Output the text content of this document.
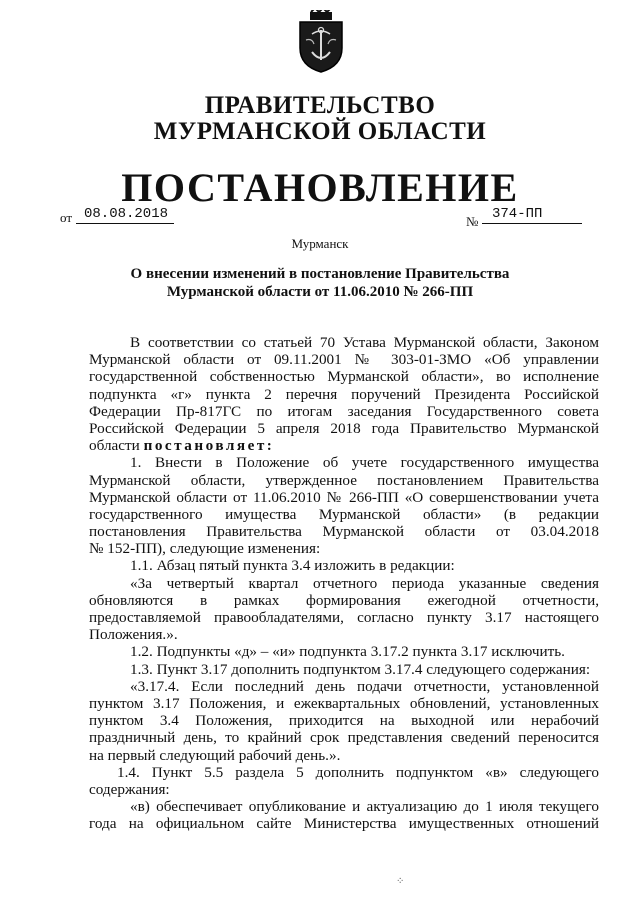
ПРАВИТЕЛЬСТВО
МУРМАНСКОЙ ОБЛАСТИ
ПОСТАНОВЛЕНИЕ
от 08.08.2018	№ 374-ПП
Мурманск
О внесении изменений в постановление Правительства
Мурманской области от 11.06.2010 № 266-ПП
В соответствии со статьей 70 Устава Мурманской области, Законом
Мурманской области от 09.11.2001 № 303-01-ЗМО «Об управлении
государственной собственностью Мурманской области», во исполнение
подпункта «г» пункта 2 перечня поручений Президента Российской
Федерации Пр-817ГС по итогам заседания Государственного совета
Российской Федерации 5 апреля 2018 года Правительство Мурманской
области постановляет:
1. Внести в Положение об учете государственного имущества
Мурманской области, утвержденное постановлением Правительства
Мурманской области от 11.06.2010 № 266-ПП «О совершенствовании учета
государственного имущества Мурманской области» (в редакции
постановления Правительства Мурманской области от 03.04.2018
№ 152-ПП), следующие изменения:
1.1. Абзац пятый пункта 3.4 изложить в редакции:
«За четвертый квартал отчетного периода указанные сведения
обновляются в рамках формирования ежегодной отчетности,
предоставляемой правообладателями, согласно пункту 3.17 настоящего
Положения.».
1.2. Подпункты «д» – «и» подпункта 3.17.2 пункта 3.17 исключить.
1.3. Пункт 3.17 дополнить подпунктом 3.17.4 следующего содержания:
«3.17.4. Если последний день подачи отчетности, установленной
пунктом 3.17 Положения, и ежеквартальных обновлений, установленных
пунктом 3.4 Положения, приходится на выходной или нерабочий
праздничный день, то крайний срок представления сведений переносится
на первый следующий рабочий день.».
1.4. Пункт 5.5 раздела 5 дополнить подпунктом «в» следующего
содержания:
«в) обеспечивает опубликование и актуализацию до 1 июля текущего
года на официальном сайте Министерства имущественных отношений
⁘
